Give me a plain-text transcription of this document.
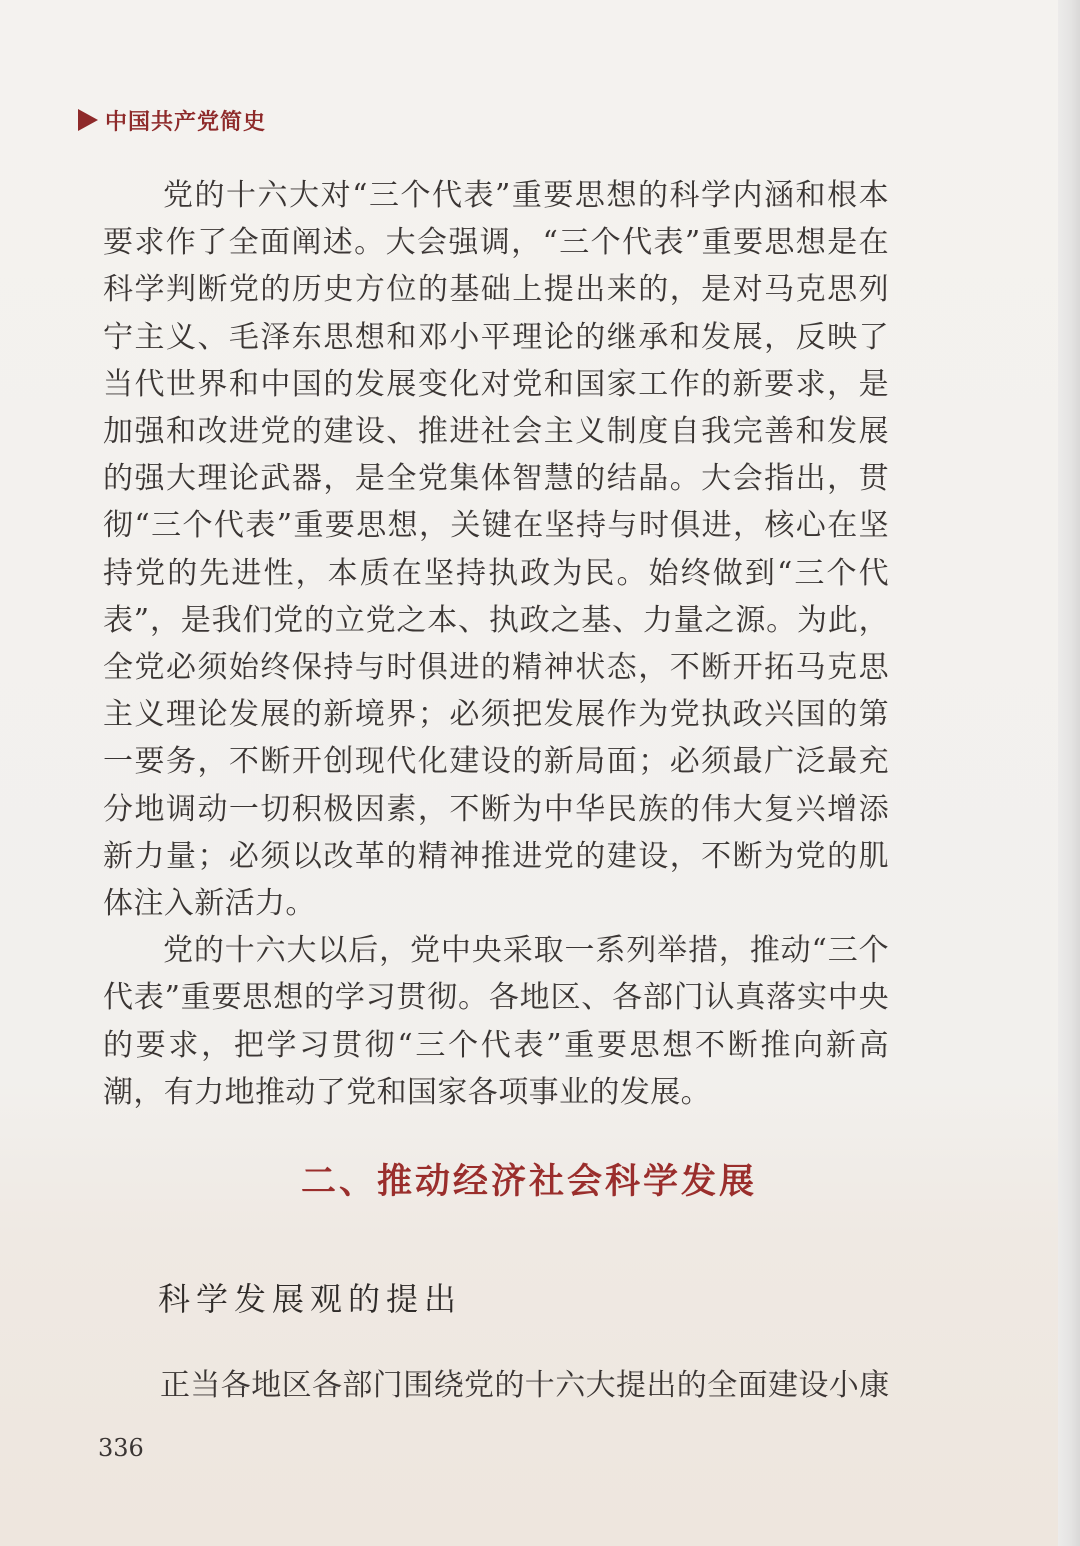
中国共产党简史

党的十六大对“三个代表”重要思想的科学内涵和根本要求作了全面阐述。大会强调，“三个代表”重要思想是在科学判断党的历史方位的基础上提出来的，是对马克思列宁主义、毛泽东思想和邓小平理论的继承和发展，反映了当代世界和中国的发展变化对党和国家工作的新要求，是加强和改进党的建设、推进社会主义制度自我完善和发展的强大理论武器，是全党集体智慧的结晶。大会指出，贯彻“三个代表”重要思想，关键在坚持与时俱进，核心在坚持党的先进性，本质在坚持执政为民。始终做到“三个代表”，是我们党的立党之本、执政之基、力量之源。为此，全党必须始终保持与时俱进的精神状态，不断开拓马克思主义理论发展的新境界；必须把发展作为党执政兴国的第一要务，不断开创现代化建设的新局面；必须最广泛最充分地调动一切积极因素，不断为中华民族的伟大复兴增添新力量；必须以改革的精神推进党的建设，不断为党的肌体注入新活力。

党的十六大以后，党中央采取一系列举措，推动“三个代表”重要思想的学习贯彻。各地区、各部门认真落实中央的要求，把学习贯彻“三个代表”重要思想不断推向新高潮，有力地推动了党和国家各项事业的发展。

二、推动经济社会科学发展
科学发展观的提出
正当各地区各部门围绕党的十六大提出的全面建设小康
336
